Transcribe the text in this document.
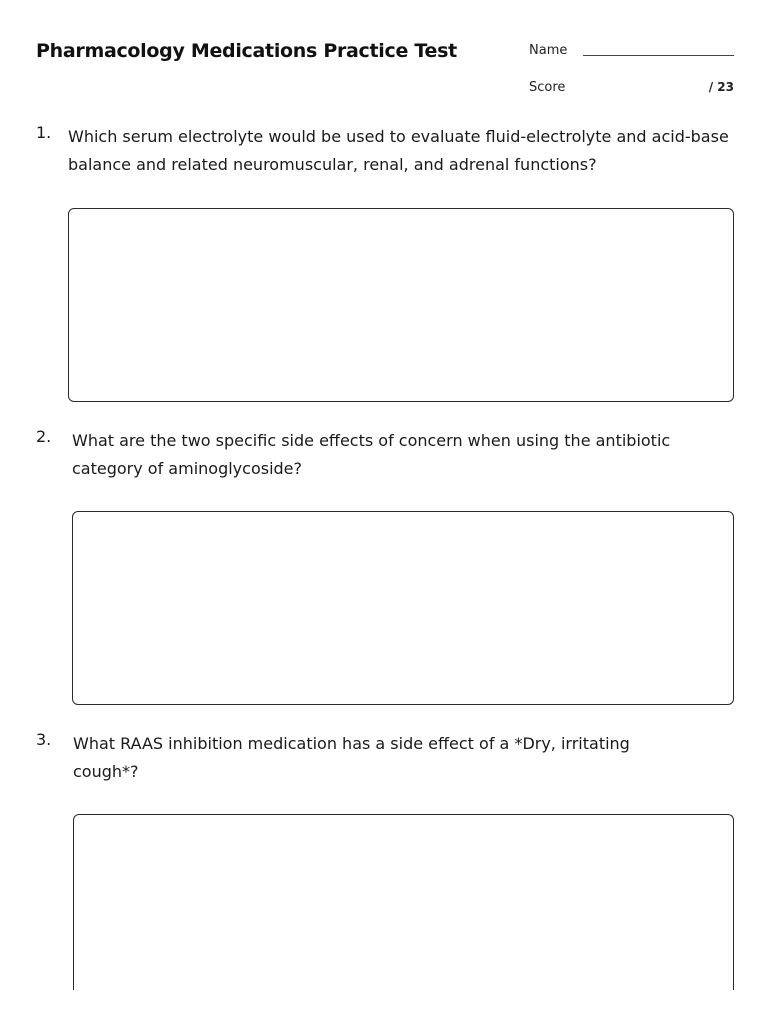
Pharmacology Medications Practice Test	Name
Score	/ 23
1. Which serum electrolyte would be used to evaluate fluid-electrolyte and acid-base balance and related neuromuscular, renal, and adrenal functions?
2. What are the two specific side effects of concern when using the antibiotic category of aminoglycoside?
3. What RAAS inhibition medication has a side effect of a *Dry, irritating cough*?
